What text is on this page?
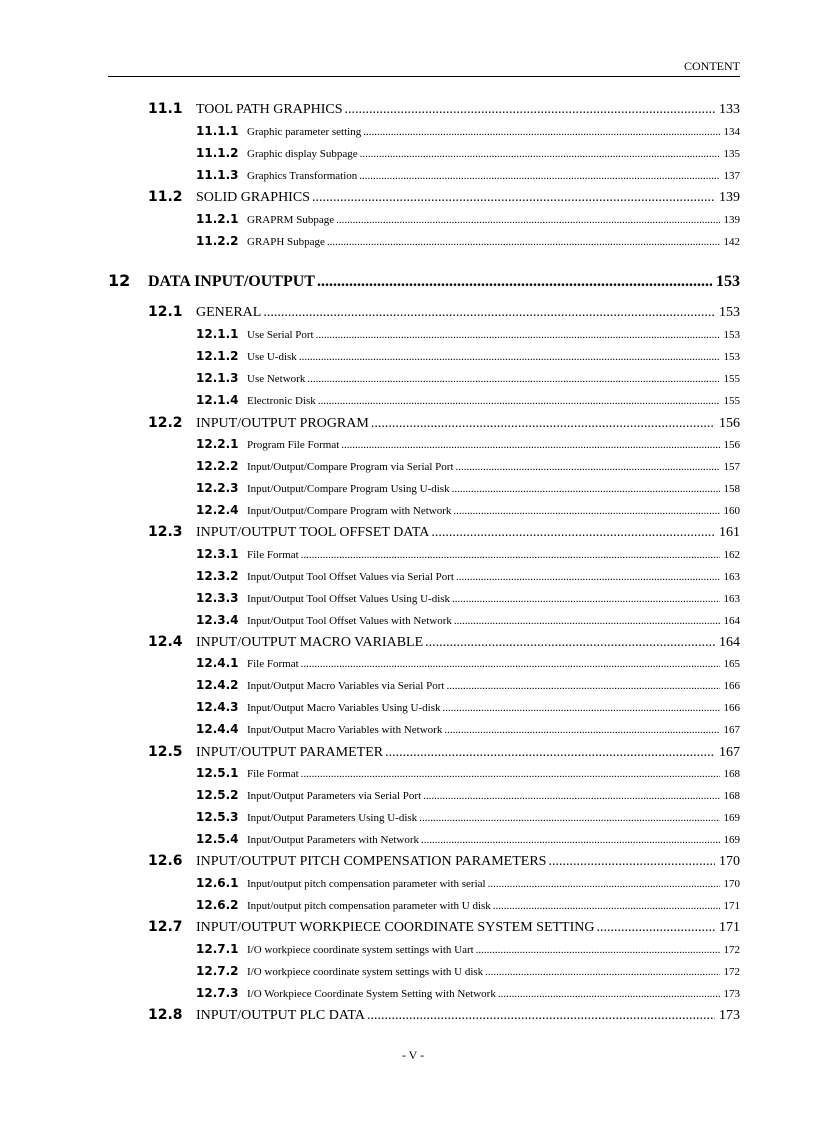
CONTENT
11.1 TOOL PATH GRAPHICS .....	133
11.1.1 Graphic parameter setting .....	134
11.1.2 Graphic display Subpage .....	135
11.1.3 Graphics Transformation .....	137
11.2 SOLID GRAPHICS .....	139
11.2.1 GRAPRM Subpage .....	139
11.2.2 GRAPH Subpage .....	142
12	DATA INPUT/OUTPUT .....	153
12.1 GENERAL .....	153
12.1.1 Use Serial Port .....	153
12.1.2 Use U-disk .....	153
12.1.3 Use Network .....	155
12.1.4 Electronic Disk .....	155
12.2 INPUT/OUTPUT PROGRAM .....	156
12.2.1 Program File Format .....	156
12.2.2 Input/Output/Compare Program via Serial Port .....	157
12.2.3 Input/Output/Compare Program Using U-disk .....	158
12.2.4 Input/Output/Compare Program with Network .....	160
12.3 INPUT/OUTPUT TOOL OFFSET DATA .....	161
12.3.1 File Format .....	162
12.3.2 Input/Output Tool Offset Values via Serial Port .....	163
12.3.3 Input/Output Tool Offset Values Using U-disk .....	163
12.3.4 Input/Output Tool Offset Values with Network .....	164
12.4 INPUT/OUTPUT MACRO VARIABLE .....	164
12.4.1 File Format .....	165
12.4.2 Input/Output Macro Variables via Serial Port .....	166
12.4.3 Input/Output Macro Variables Using U-disk .....	166
12.4.4 Input/Output Macro Variables with Network .....	167
12.5 INPUT/OUTPUT PARAMETER .....	167
12.5.1 File Format .....	168
12.5.2 Input/Output Parameters via Serial Port .....	168
12.5.3 Input/Output Parameters Using U-disk .....	169
12.5.4 Input/Output Parameters with Network .....	169
12.6 INPUT/OUTPUT PITCH COMPENSATION PARAMETERS .....	170
12.6.1 Input/output pitch compensation parameter with serial .....	170
12.6.2 Input/output pitch compensation parameter with U disk .....	171
12.7 INPUT/OUTPUT WORKPIECE COORDINATE SYSTEM SETTING .....	171
12.7.1 I/O workpiece coordinate system settings with Uart .....	172
12.7.2 I/O workpiece coordinate system settings with U disk .....	172
12.7.3 I/O Workpiece Coordinate System Setting with Network .....	173
12.8 INPUT/OUTPUT PLC DATA .....	173
- V -
